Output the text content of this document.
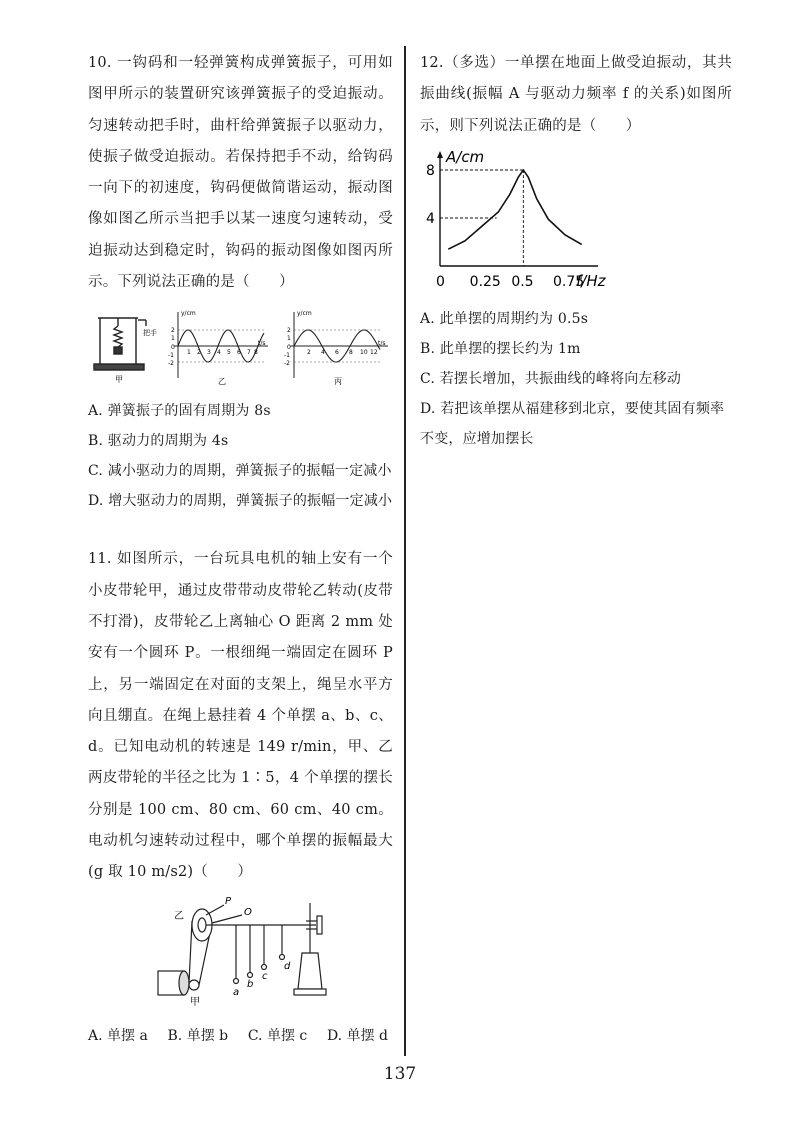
10. 一钩码和一轻弹簧构成弹簧振子，可用如图甲所示的装置研究该弹簧振子的受迫振动。匀速转动把手时，曲杆给弹簧振子以驱动力，使振子做受迫振动。若保持把手不动，给钩码一向下的初速度，钩码便做简谐运动，振动图像如图乙所示当把手以某一速度匀速转动，受迫振动达到稳定时，钩码的振动图像如图丙所示。下列说法正确的是（　　）

把手
甲
y/cm
t/s
1 2 3 4 5 6 7 8
2
1
0
-1
-2
乙
y/cm
t/s
2 4 6 8 10 12
2
1
0
-1
-2
丙

A. 弹簧振子的固有周期为 8s

B. 驱动力的周期为 4s

C. 减小驱动力的周期，弹簧振子的振幅一定减小

D. 增大驱动力的周期，弹簧振子的振幅一定减小

11. 如图所示，一台玩具电机的轴上安有一个小皮带轮甲，通过皮带带动皮带轮乙转动(皮带不打滑)，皮带轮乙上离轴心 O 距离 2 mm 处安有一个圆环 P。一根细绳一端固定在圆环 P 上，另一端固定在对面的支架上，绳呈水平方向且绷直。在绳上悬挂着 4 个单摆 a、b、c、d。已知电动机的转速是 149 r/min，甲、乙两皮带轮的半径之比为 1∶5，4 个单摆的摆长分别是 100 cm、80 cm、60 cm、40 cm。电动机匀速转动过程中，哪个单摆的振幅最大(g 取 10 m/s2)（　　）

乙
P
O
甲
a
b
c
d
A. 单摆 a B. 单摆 b C. 单摆 c D. 单摆 d

12.（多选）一单摆在地面上做受迫振动，其共振曲线(振幅 A 与驱动力频率 f 的关系)如图所示，则下列说法正确的是（　　）

0 0.25 0.5 0.75
4
8
A/cm
f/Hz

A. 此单摆的周期约为 0.5s

B. 此单摆的摆长约为 1m

C. 若摆长增加，共振曲线的峰将向左移动

D. 若把该单摆从福建移到北京，要使其固有频率不变，应增加摆长

137
